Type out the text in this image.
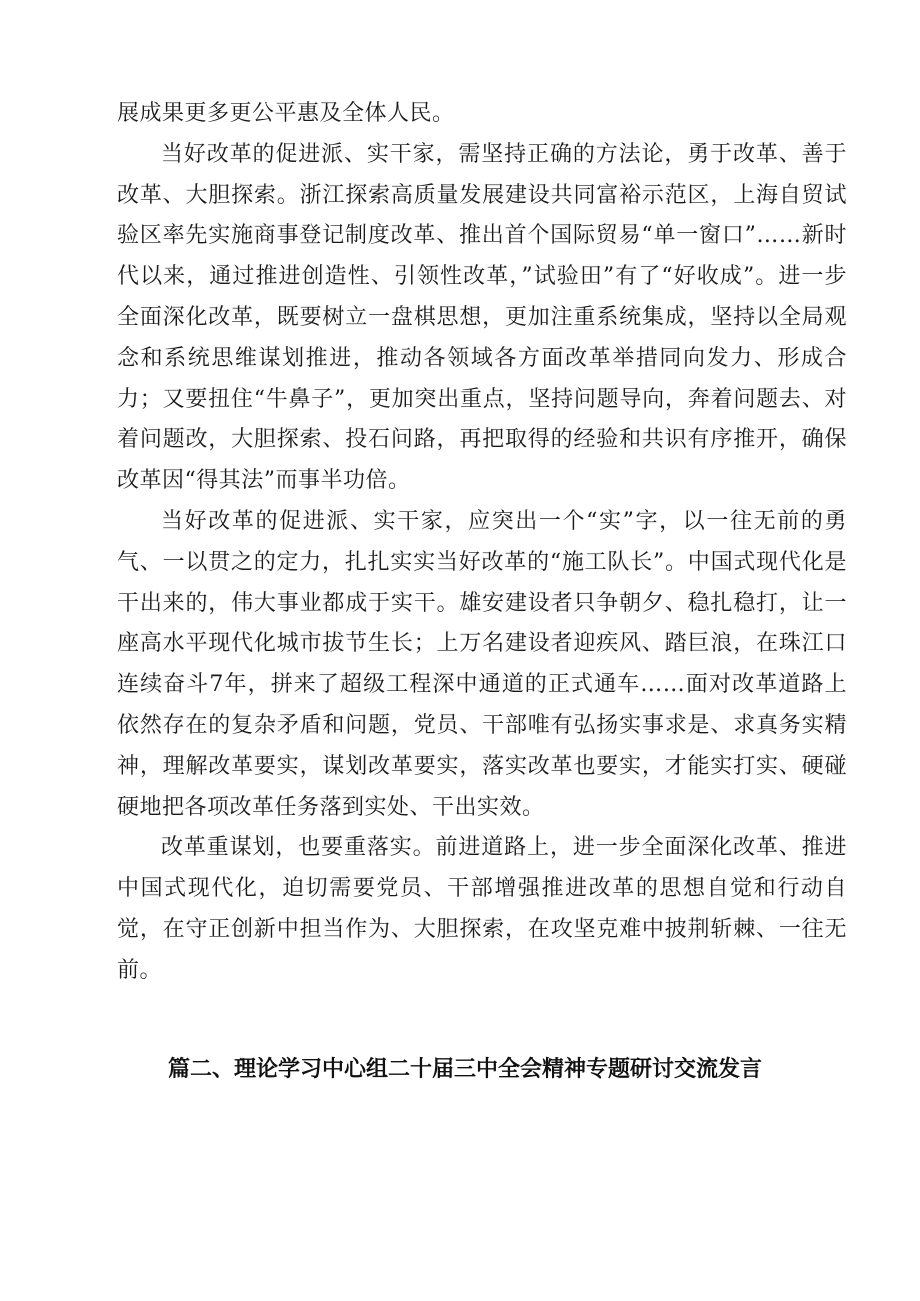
展成果更多更公平惠及全体人民。

当好改革的促进派、实干家，需坚持正确的方法论，勇于改革、善于改革、大胆探索。浙江探索高质量发展建设共同富裕示范区，上海自贸试验区率先实施商事登记制度改革、推出首个国际贸易“单一窗口”……新时代以来，通过推进创造性、引领性改革，”试验田”有了“好收成”。进一步全面深化改革，既要树立一盘棋思想，更加注重系统集成，坚持以全局观念和系统思维谋划推进，推动各领域各方面改革举措同向发力、形成合力；又要扭住“牛鼻子”，更加突出重点，坚持问题导向，奔着问题去、对着问题改，大胆探索、投石问路，再把取得的经验和共识有序推开，确保改革因“得其法”而事半功倍。

当好改革的促进派、实干家，应突出一个“实”字，以一往无前的勇气、一以贯之的定力，扎扎实实当好改革的“施工队长”。中国式现代化是干出来的，伟大事业都成于实干。雄安建设者只争朝夕、稳扎稳打，让一座高水平现代化城市拔节生长；上万名建设者迎疾风、踏巨浪，在珠江口连续奋斗7年，拼来了超级工程深中通道的正式通车……面对改革道路上依然存在的复杂矛盾和问题，党员、干部唯有弘扬实事求是、求真务实精神，理解改革要实，谋划改革要实，落实改革也要实，才能实打实、硬碰硬地把各项改革任务落到实处、干出实效。

改革重谋划，也要重落实。前进道路上，进一步全面深化改革、推进中国式现代化，迫切需要党员、干部增强推进改革的思想自觉和行动自觉，在守正创新中担当作为、大胆探索，在攻坚克难中披荆斩棘、一往无前。

篇二、理论学习中心组二十届三中全会精神专题研讨交流发言
